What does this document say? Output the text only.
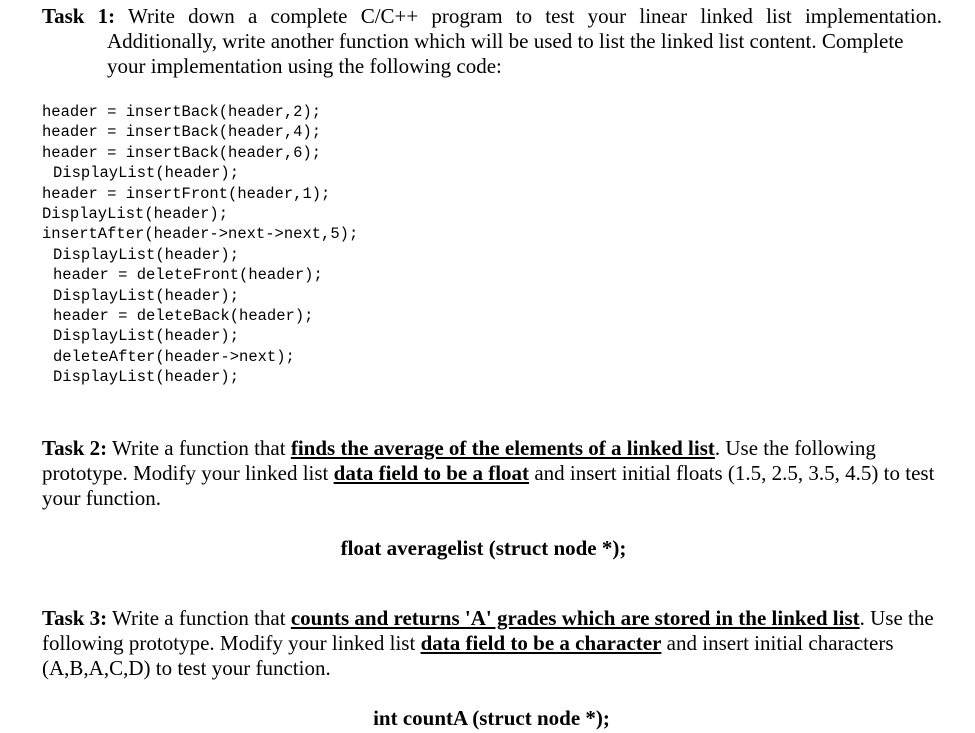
Task 1: Write down a complete C/C++ program to test your linear linked list implementation.
Additionally, write another function which will be used to list the linked list content. Complete
your implementation using the following code:
header = insertBack(header,2);
header = insertBack(header,4);
header = insertBack(header,6);
DisplayList(header);
header = insertFront(header,1);
DisplayList(header);
insertAfter(header->next->next,5);
DisplayList(header);
header = deleteFront(header);
DisplayList(header);
header = deleteBack(header);
DisplayList(header);
deleteAfter(header->next);
DisplayList(header);
Task 2: Write a function that finds the average of the elements of a linked list. Use the following prototype. Modify your linked list data field to be a float and insert initial floats (1.5, 2.5, 3.5, 4.5) to test your function.
float averagelist (struct node *);
Task 3: Write a function that counts and returns 'A' grades which are stored in the linked list. Use the following prototype. Modify your linked list data field to be a character and insert initial characters (A,B,A,C,D) to test your function.
int countA (struct node *);
